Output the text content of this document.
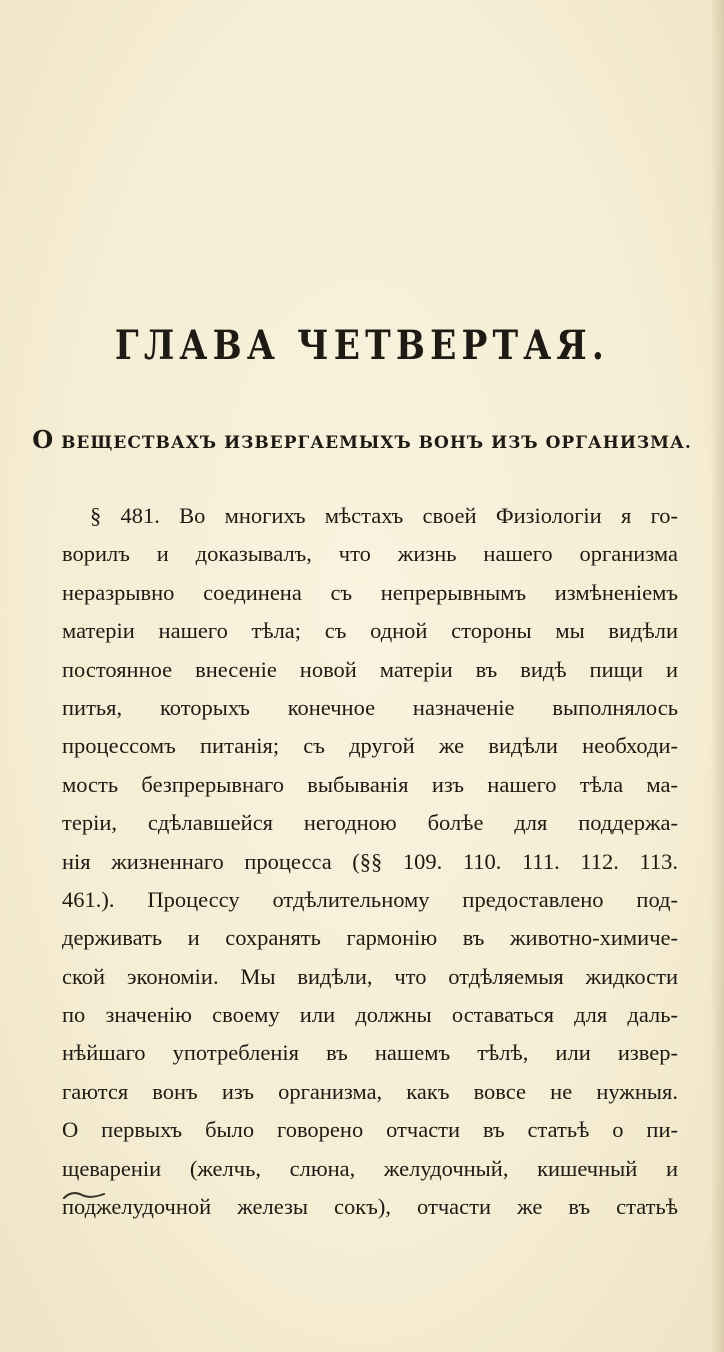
ГЛАВА ЧЕТВЕРТАЯ.
О ВЕЩЕСТВАХЪ ИЗВЕРГАЕМЫХЪ ВОНЪ ИЗЪ ОРГАНИЗМА.
§ 481. Во многихъ мѣстахъ своей Физіологіи я го-
ворилъ и доказывалъ, что жизнь нашего организма
неразрывно соединена съ непрерывнымъ измѣненіемъ
матеріи нашего тѣла; съ одной стороны мы видѣли
постоянное внесеніе новой матеріи въ видѣ пищи и
питья, которыхъ конечное назначеніе выполнялось
процессомъ питанія; съ другой же видѣли необходи-
мость безпрерывнаго выбыванія изъ нашего тѣла ма-
теріи, сдѣлавшейся негодною болѣе для поддержа-
нія жизненнаго процесса (§§ 109. 110. 111. 112. 113.
461.). Процессу отдѣлительному предоставлено под-
держивать и сохранять гармонію въ животно-химиче-
ской экономіи. Мы видѣли, что отдѣляемыя жидкости
по значенію своему или должны оставаться для даль-
нѣйшаго употребленія въ нашемъ тѣлѣ, или извер-
гаются вонъ изъ организма, какъ вовсе не нужныя.
О первыхъ было говорено отчасти въ статьѣ о пи-
щевареніи (желчь, слюна, желудочный, кишечный и
поджелудочной железы сокъ), отчасти же въ статьѣ
